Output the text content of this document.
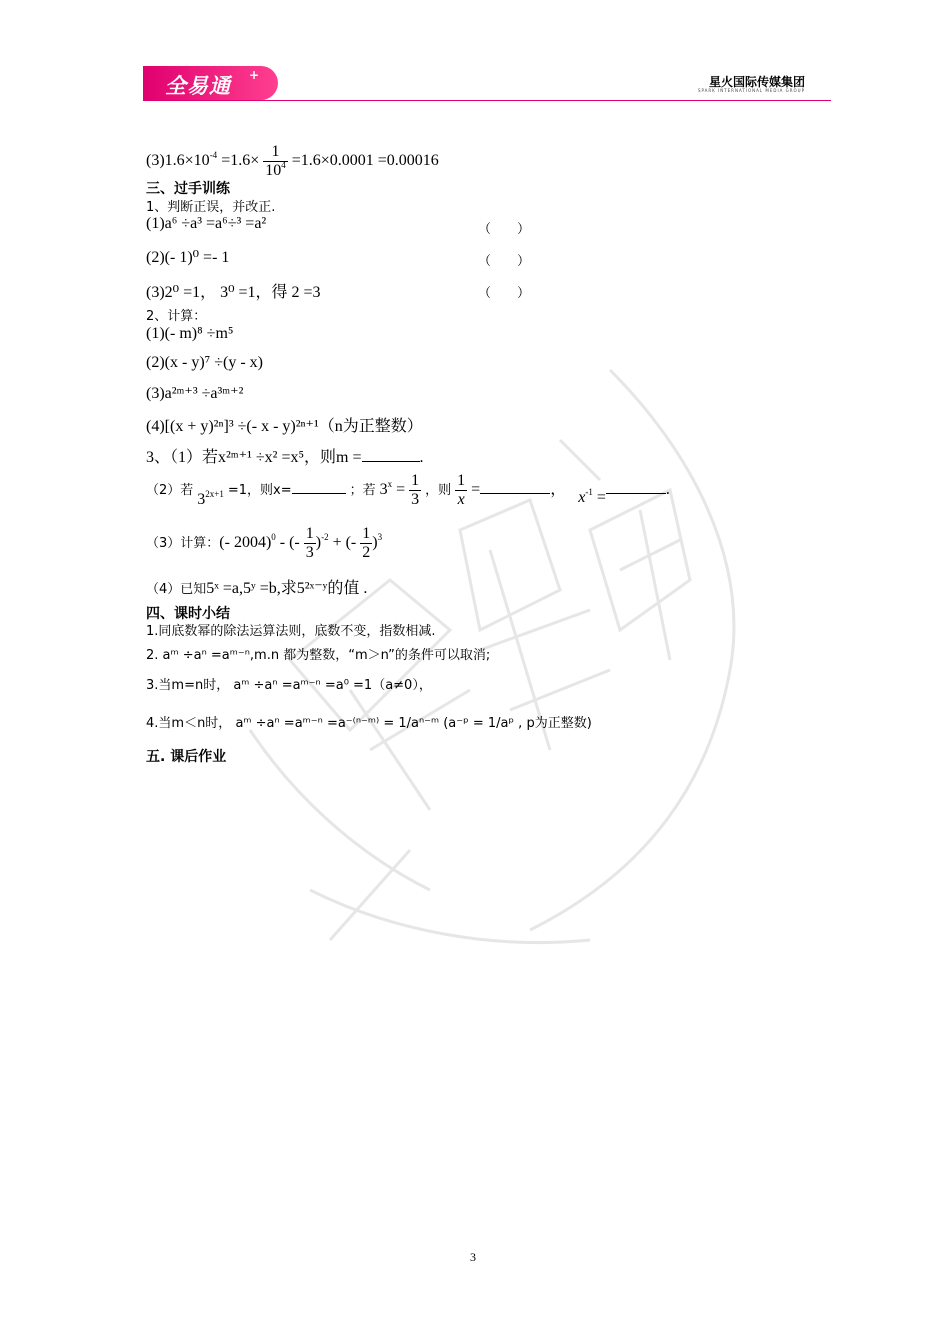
全易通 +	星火国际传媒集团
SPARK INTERNATIONAL MEDIA GROUP
$(3)1.6\times 10^{-4} =1.6\times \frac{1}{10^4} =1.6\times 0.0001 =0.00016$
三、过手训练
1、判断正误，并改正.
(1)a⁶ ÷a³ =a⁶÷³ =a²	（　　）
(2)(- 1)⁰ =- 1	（　　）
(3)2⁰ =1， 3⁰ =1，得 2 =3	（　　）
2、计算：
(1)(- m)⁸ ÷m⁵
(2)(x - y)⁷ ÷(y - x)
(3)a²ᵐ⁺³ ÷a³ᵐ⁺²
(4)[(x + y)²ⁿ]³ ÷(- x - y)²ⁿ⁺¹（n为正整数）
3、（1）若x²ᵐ⁺¹ ÷x² =x⁵，则m =	.
（2）若 $3^{2x+1} =1$，则x=	；若 $3^x = \frac{1}{3}$ ，则 $\frac{1}{x}$ =	， $x^{-1}$ =	.
（3）计算：(- 2004)$^0$ - (- $\frac{1}{3} )^{-2}$ + (- $\frac{1}{2} )^3$
（4）已知5ˣ =a,5ʸ =b,求5²ˣ⁻ʸ的值 .
四、课时小结
1.同底数幂的除法运算法则，底数不变，指数相减.
2. aᵐ ÷aⁿ =aᵐ⁻ⁿ,m.n 都为整数，“m＞n”的条件可以取消;
3.当m=n时， aᵐ ÷aⁿ =aᵐ⁻ⁿ =a⁰ =1（a≠0），
4.当m＜n时， aᵐ ÷aⁿ =aᵐ⁻ⁿ =a⁻⁽ⁿ⁻ᵐ⁾ = 1/aⁿ⁻ᵐ (a⁻ᵖ = 1/aᵖ , p为正整数)
五. 课后作业
3
